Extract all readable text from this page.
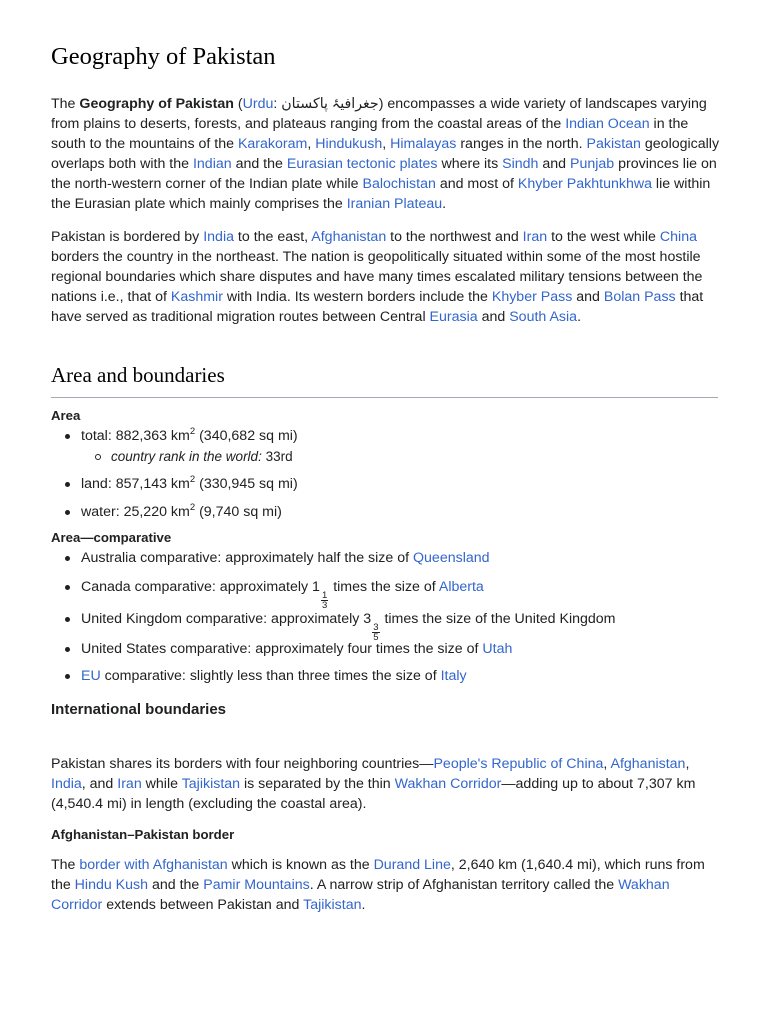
Geography of Pakistan

The Geography of Pakistan (Urdu: جغرافیۂ پاکستان) encompasses a wide variety of landscapes varying from plains to deserts, forests, and plateaus ranging from the coastal areas of the Indian Ocean in the south to the mountains of the Karakoram, Hindukush, Himalayas ranges in the north. Pakistan geologically overlaps both with the Indian and the Eurasian tectonic plates where its Sindh and Punjab provinces lie on the north-western corner of the Indian plate while Balochistan and most of Khyber Pakhtunkhwa lie within the Eurasian plate which mainly comprises the Iranian Plateau.

Pakistan is bordered by India to the east, Afghanistan to the northwest and Iran to the west while China borders the country in the northeast. The nation is geopolitically situated within some of the most hostile regional boundaries which share disputes and have many times escalated military tensions between the nations i.e., that of Kashmir with India. Its western borders include the Khyber Pass and Bolan Pass that have served as traditional migration routes between Central Eurasia and South Asia.

Area and boundaries
Area
total: 882,363 $km^2$ (340,682 sq mi)
country rank in the world: 33rd
land: 857,143 $km^2$ (330,945 sq mi)
water: 25,220 $km^2$ (9,740 sq mi)
Area—comparative
Australia comparative: approximately half the size of Queensland
Canada comparative: approximately 1
$\frac{1}{3}$
times the size of Alberta
United Kingdom comparative: approximately 3
$\frac{3}{5}$
times the size of the United Kingdom
United States comparative: approximately four times the size of Utah
EU comparative: slightly less than three times the size of Italy
International boundaries

Pakistan shares its borders with four neighboring countries—People's Republic of China, Afghanistan, India, and Iran while Tajikistan is separated by the thin Wakhan Corridor—adding up to about 7,307 km (4,540.4 mi) in length (excluding the coastal area).

Afghanistan–Pakistan border

The border with Afghanistan which is known as the Durand Line, 2,640 km (1,640.4 mi), which runs from the Hindu Kush and the Pamir Mountains. A narrow strip of Afghanistan territory called the Wakhan Corridor extends between Pakistan and Tajikistan.
